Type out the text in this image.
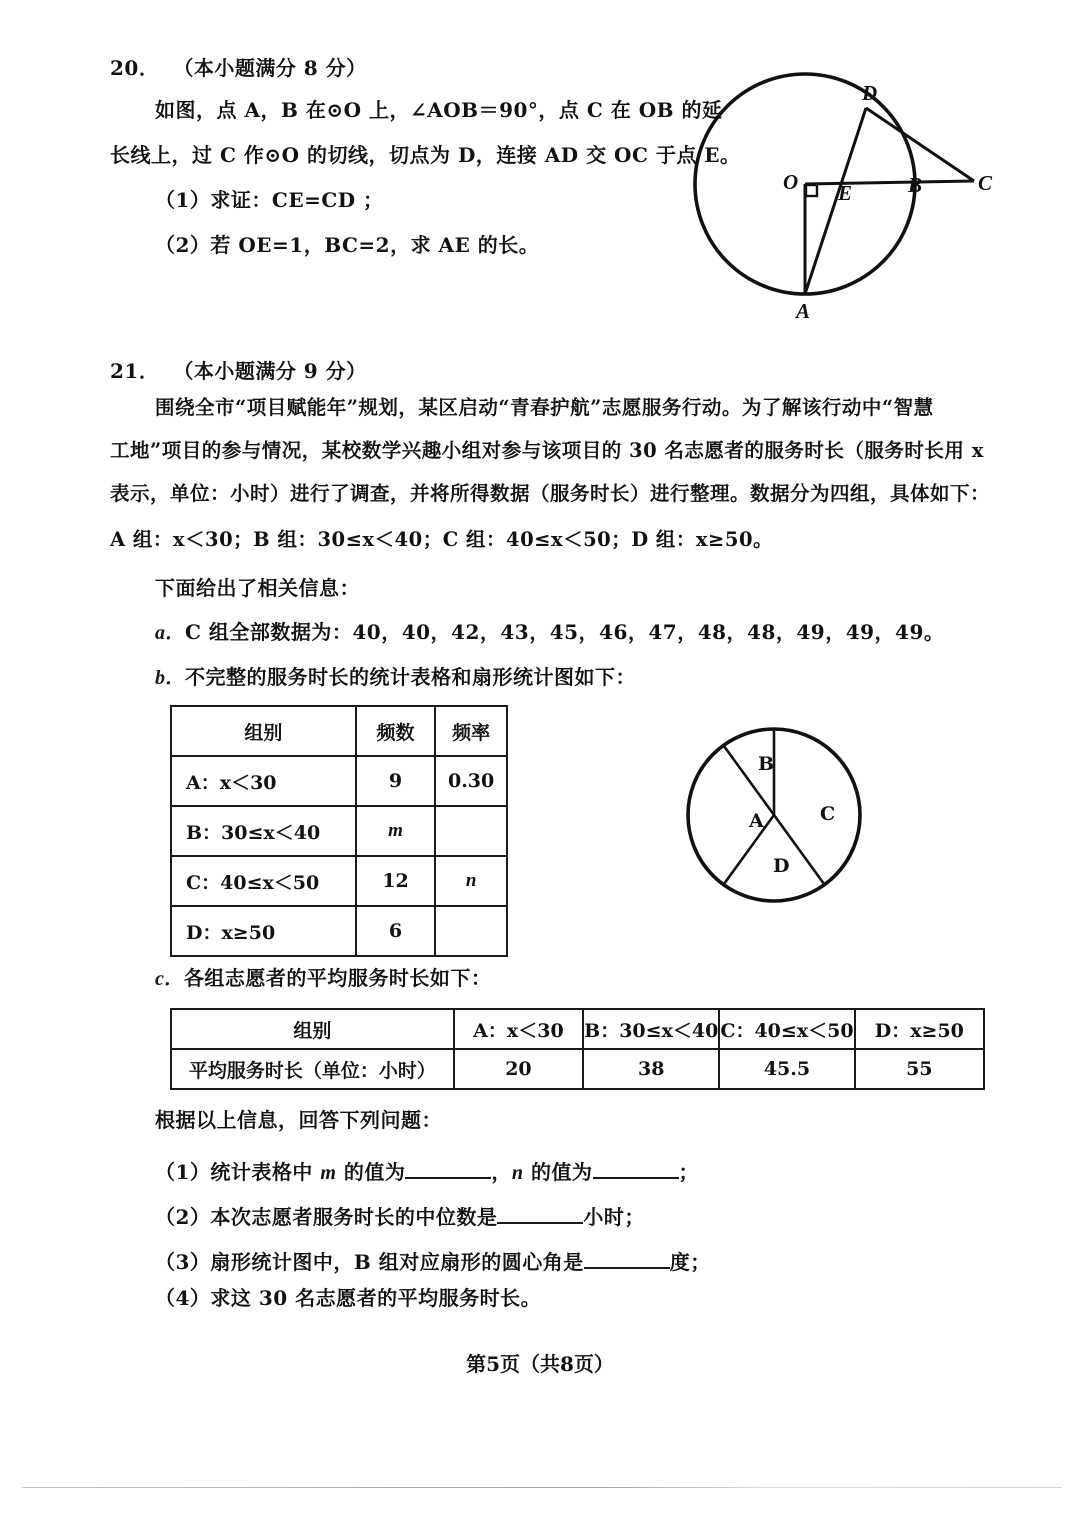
20． （本小题满分 8 分）
如图，点 A，B 在⊙O 上，∠AOB＝90°，点 C 在 OB 的延
长线上，过 C 作⊙O 的切线，切点为 D，连接 AD 交 OC 于点 E。
（1）求证：CE=CD ；
（2）若 OE=1，BC=2，求 AE 的长。
O
A
B	C
D
E
21． （本小题满分 9 分）
围绕全市“项目赋能年”规划，某区启动“青春护航”志愿服务行动。为了解该行动中“智慧
工地”项目的参与情况，某校数学兴趣小组对参与该项目的 30 名志愿者的服务时长（服务时长用 x
表示，单位：小时）进行了调查，并将所得数据（服务时长）进行整理。数据分为四组，具体如下：
A 组：x＜30；B 组：30≤x＜40；C 组：40≤x＜50；D 组：x≥50。
下面给出了相关信息：
a．C 组全部数据为：40，40，42，43，45，46，47，48，48，49，49，49。
b．不完整的服务时长的统计表格和扇形统计图如下：
组别	频数	频率
A：x＜30	9	0.30
B：30≤x＜40	m	
C：40≤x＜50	12	n
D：x≥50	6	
A
B
C
D
c．各组志愿者的平均服务时长如下：
组别	A：x＜30	B：30≤x＜40	C：40≤x＜50	D：x≥50
平均服务时长（单位：小时）	20	38	45.5	55
根据以上信息，回答下列问题：
（1）统计表格中 m 的值为	，n 的值为	；
（2）本次志愿者服务时长的中位数是	小时；
（3）扇形统计图中，B 组对应扇形的圆心角是	度；
（4）求这 30 名志愿者的平均服务时长。
第5页（共8页）
